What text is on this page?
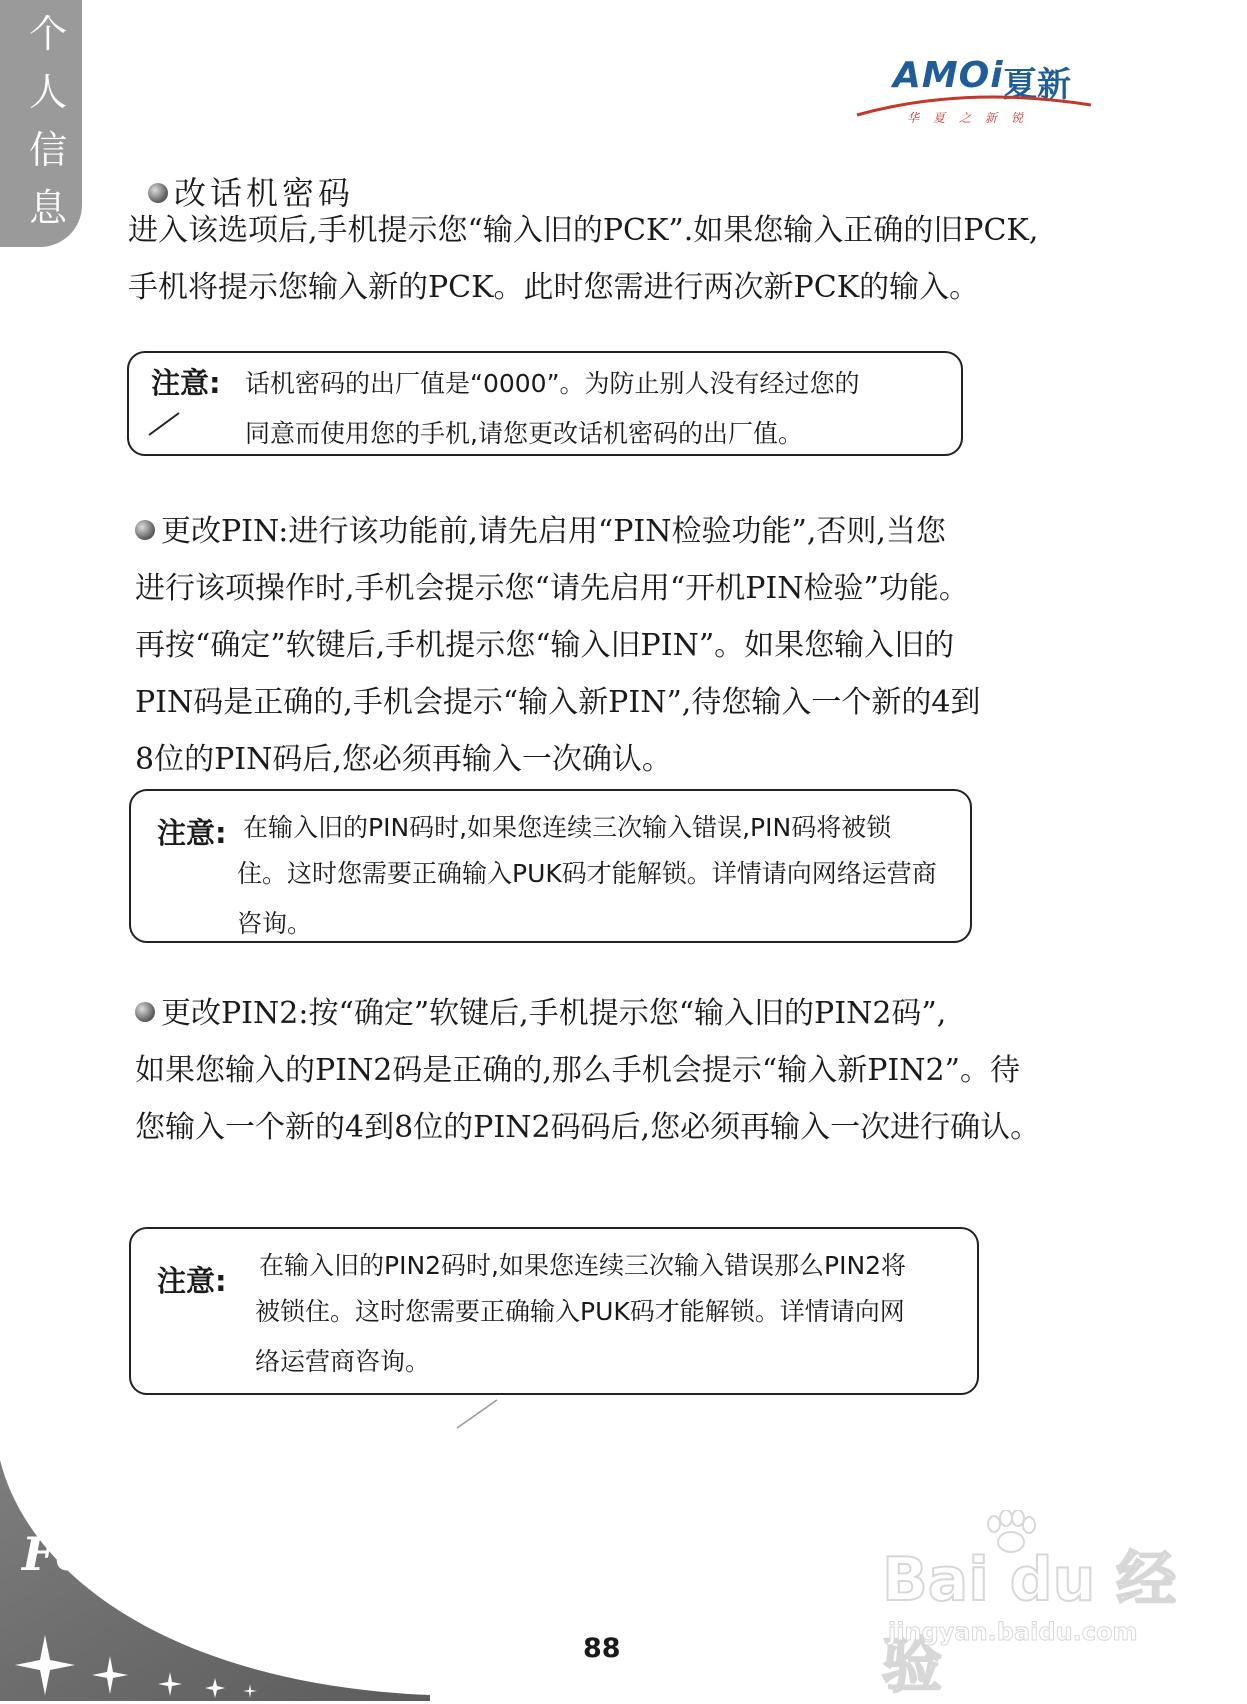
个
人
信
息
AMOi 夏新
华夏之新锐
改话机密码
进入该选项后,手机提示您“输入旧的PCK”.如果您输入正确的旧PCK,
手机将提示您输入新的PCK。此时您需进行两次新PCK的输入。
注意: 话机密码的出厂值是“0000”。为防止别人没有经过您的
同意而使用您的手机,请您更改话机密码的出厂值。
更改PIN:进行该功能前,请先启用“PIN检验功能”,否则,当您
进行该项操作时,手机会提示您“请先启用“开机PIN检验”功能。
再按“确定”软键后,手机提示您“输入旧PIN”。如果您输入旧的
PIN码是正确的,手机会提示“输入新PIN”,待您输入一个新的4到
8位的PIN码后,您必须再输入一次确认。
注意: 在输入旧的PIN码时,如果您连续三次输入错误,PIN码将被锁
住。这时您需要正确输入PUK码才能解锁。详情请向网络运营商
咨询。
更改PIN2:按“确定”软键后,手机提示您“输入旧的PIN2码”,
如果您输入的PIN2码是正确的,那么手机会提示“输入新PIN2”。待
您输入一个新的4到8位的PIN2码码后,您必须再输入一次进行确认。
注意: 在输入旧的PIN2码时,如果您连续三次输入错误那么PIN2将
被锁住。这时您需要正确输入PUK码才能解锁。详情请向网
络运营商咨询。
F6
88
Bai du 经验
jingyan.baidu.com
